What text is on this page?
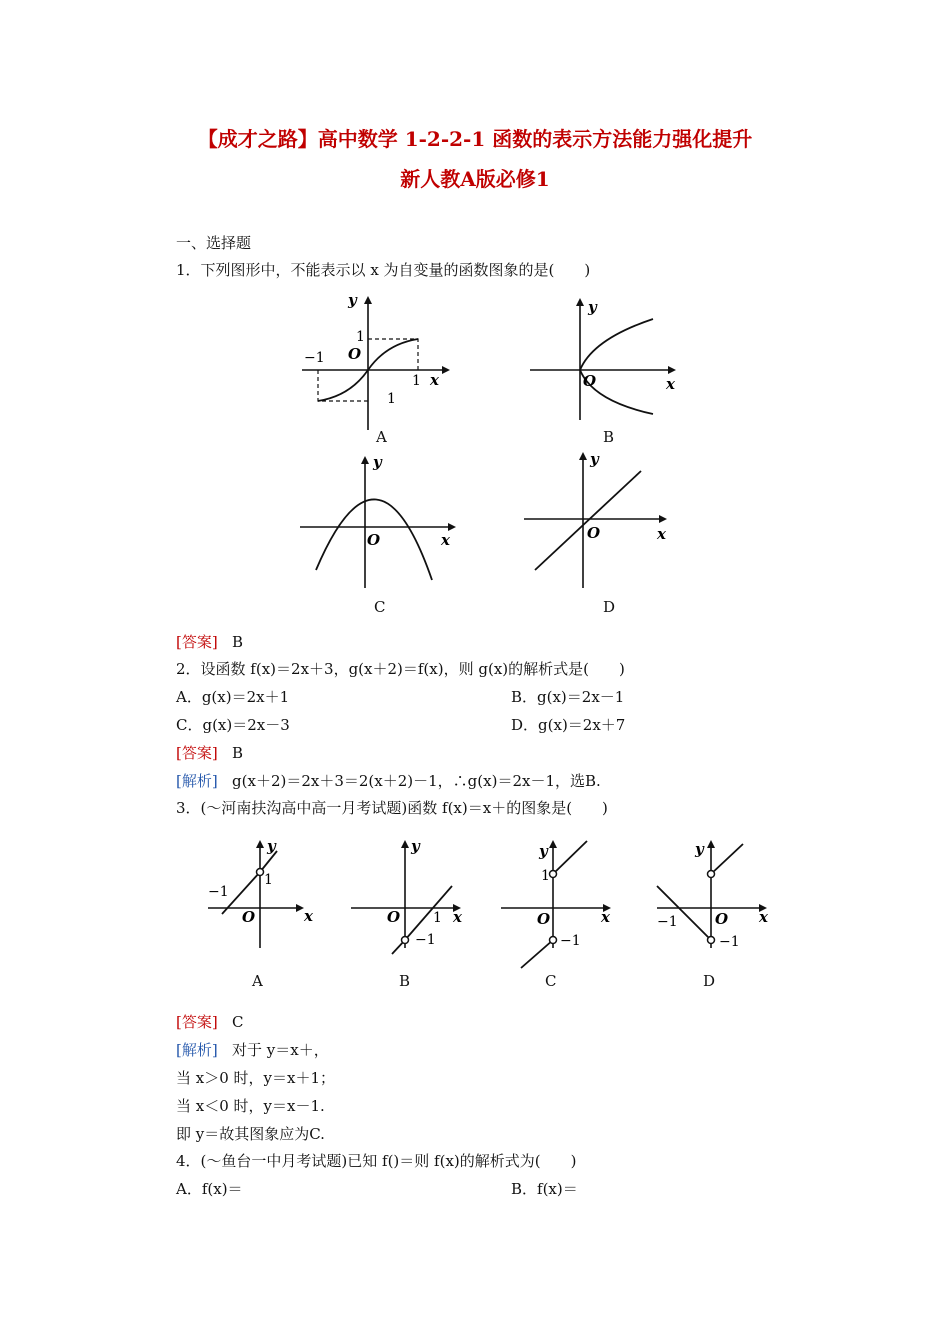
【成才之路】高中数学 1-2-2-1 函数的表示方法能力强化提升
新人教A版必修1
一、选择题
1．下列图形中，不能表示以 x 为自变量的函数图象的是(　　)
y
x
O
1
1
1
−1
A
y
x
O
B
y
x
O
C
y
x
O
D
[答案] B
2．设函数 f(x)＝2x＋3，g(x＋2)＝f(x)，则 g(x)的解析式是(　　)
A．g(x)＝2x＋1	B．g(x)＝2x－1
C．g(x)＝2x－3	D．g(x)＝2x＋7
[答案] B
[解析] g(x＋2)＝2x＋3＝2(x＋2)－1，∴g(x)＝2x－1，选B.
3．(～河南扶沟高中高一月考试题)函数 f(x)＝x＋的图象是(　　)
y
x
O
1
−1
A
y
x
O 1
−1
B
y
x
O
1
−1
C
y
x
O
−1
−1
D
[答案] C
[解析] 对于 y＝x＋，
当 x＞0 时，y＝x＋1；
当 x＜0 时，y＝x－1.
即 y＝故其图象应为C.
4．(～鱼台一中月考试题)已知 f()＝则 f(x)的解析式为(　　)
A．f(x)＝	B．f(x)＝
